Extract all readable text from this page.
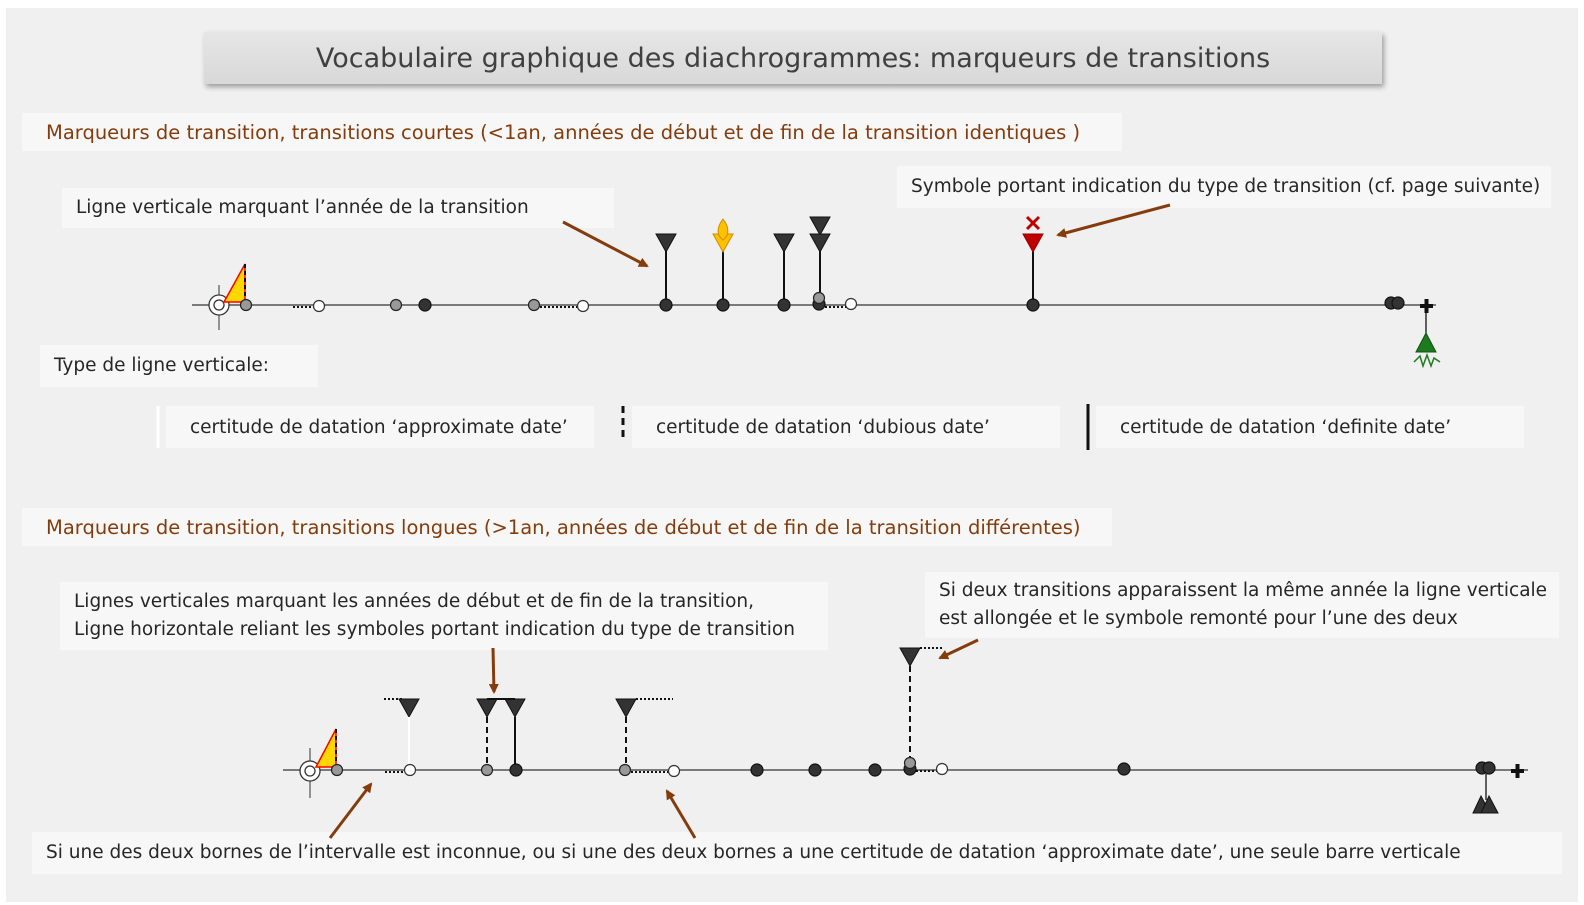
Vocabulaire graphique des diachrogrammes: marqueurs de transitions
Marqueurs de transition, transitions courtes (<1an, années de début et de fin de la transition identiques )
Ligne verticale marquant l’année de la transition
Symbole portant indication du type de transition (cf. page suivante)
Type de ligne verticale:
certitude de datation ‘approximate date’	certitude de datation ‘dubious date’	certitude de datation ‘definite date’
Marqueurs de transition, transitions longues (>1an, années de début et de fin de la transition différentes)
Lignes verticales marquant les années de début et de fin de la transition,
Ligne horizontale reliant les symboles portant indication du type de transition
Si deux transitions apparaissent la même année la ligne verticale
est allongée et le symbole remonté pour l’une des deux
Si une des deux bornes de l’intervalle est inconnue, ou si une des deux bornes a une certitude de datation ‘approximate date’, une seule barre verticale
